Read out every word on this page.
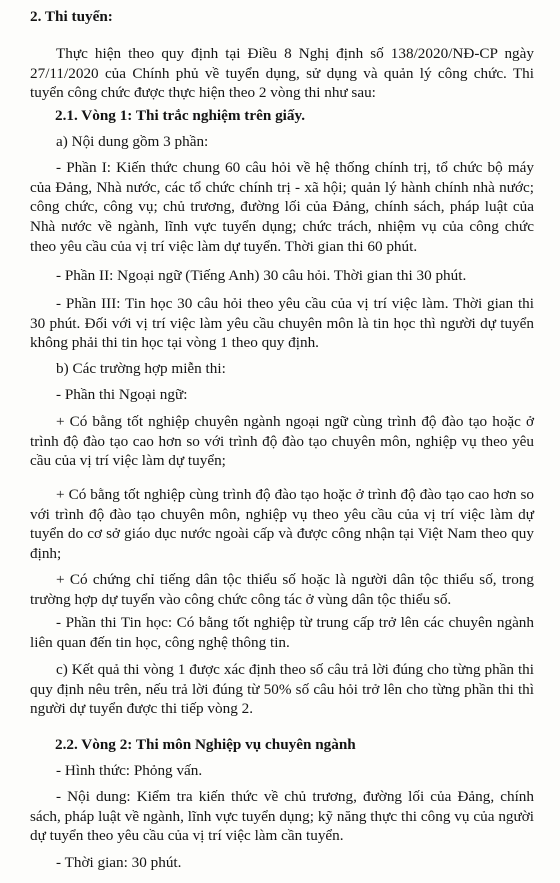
2. Thi tuyển:

Thực hiện theo quy định tại Điều 8 Nghị định số 138/2020/NĐ-CP ngày 27/11/2020 của Chính phủ về tuyển dụng, sử dụng và quản lý công chức. Thi tuyển công chức được thực hiện theo 2 vòng thi như sau:

2.1. Vòng 1: Thi trắc nghiệm trên giấy.

a) Nội dung gồm 3 phần:

- Phần I: Kiến thức chung 60 câu hỏi về hệ thống chính trị, tổ chức bộ máy của Đảng, Nhà nước, các tổ chức chính trị - xã hội; quản lý hành chính nhà nước; công chức, công vụ; chủ trương, đường lối của Đảng, chính sách, pháp luật của Nhà nước về ngành, lĩnh vực tuyển dụng; chức trách, nhiệm vụ của công chức theo yêu cầu của vị trí việc làm dự tuyển. Thời gian thi 60 phút.

- Phần II: Ngoại ngữ (Tiếng Anh) 30 câu hỏi. Thời gian thi 30 phút.

- Phần III: Tin học 30 câu hỏi theo yêu cầu của vị trí việc làm. Thời gian thi 30 phút. Đối với vị trí việc làm yêu cầu chuyên môn là tin học thì người dự tuyển không phải thi tin học tại vòng 1 theo quy định.

b) Các trường hợp miễn thi:

- Phần thi Ngoại ngữ:

+ Có bằng tốt nghiệp chuyên ngành ngoại ngữ cùng trình độ đào tạo hoặc ở trình độ đào tạo cao hơn so với trình độ đào tạo chuyên môn, nghiệp vụ theo yêu cầu của vị trí việc làm dự tuyển;

+ Có bằng tốt nghiệp cùng trình độ đào tạo hoặc ở trình độ đào tạo cao hơn so với trình độ đào tạo chuyên môn, nghiệp vụ theo yêu cầu của vị trí việc làm dự tuyển do cơ sở giáo dục nước ngoài cấp và được công nhận tại Việt Nam theo quy định;

+ Có chứng chỉ tiếng dân tộc thiểu số hoặc là người dân tộc thiểu số, trong trường hợp dự tuyển vào công chức công tác ở vùng dân tộc thiểu số.

- Phần thi Tin học: Có bằng tốt nghiệp từ trung cấp trở lên các chuyên ngành liên quan đến tin học, công nghệ thông tin.

c) Kết quả thi vòng 1 được xác định theo số câu trả lời đúng cho từng phần thi quy định nêu trên, nếu trả lời đúng từ 50% số câu hỏi trở lên cho từng phần thi thì người dự tuyển được thi tiếp vòng 2.

2.2. Vòng 2: Thi môn Nghiệp vụ chuyên ngành

- Hình thức: Phỏng vấn.

- Nội dung: Kiểm tra kiến thức về chủ trương, đường lối của Đảng, chính sách, pháp luật về ngành, lĩnh vực tuyển dụng; kỹ năng thực thi công vụ của người dự tuyển theo yêu cầu của vị trí việc làm cần tuyển.

- Thời gian: 30 phút.
